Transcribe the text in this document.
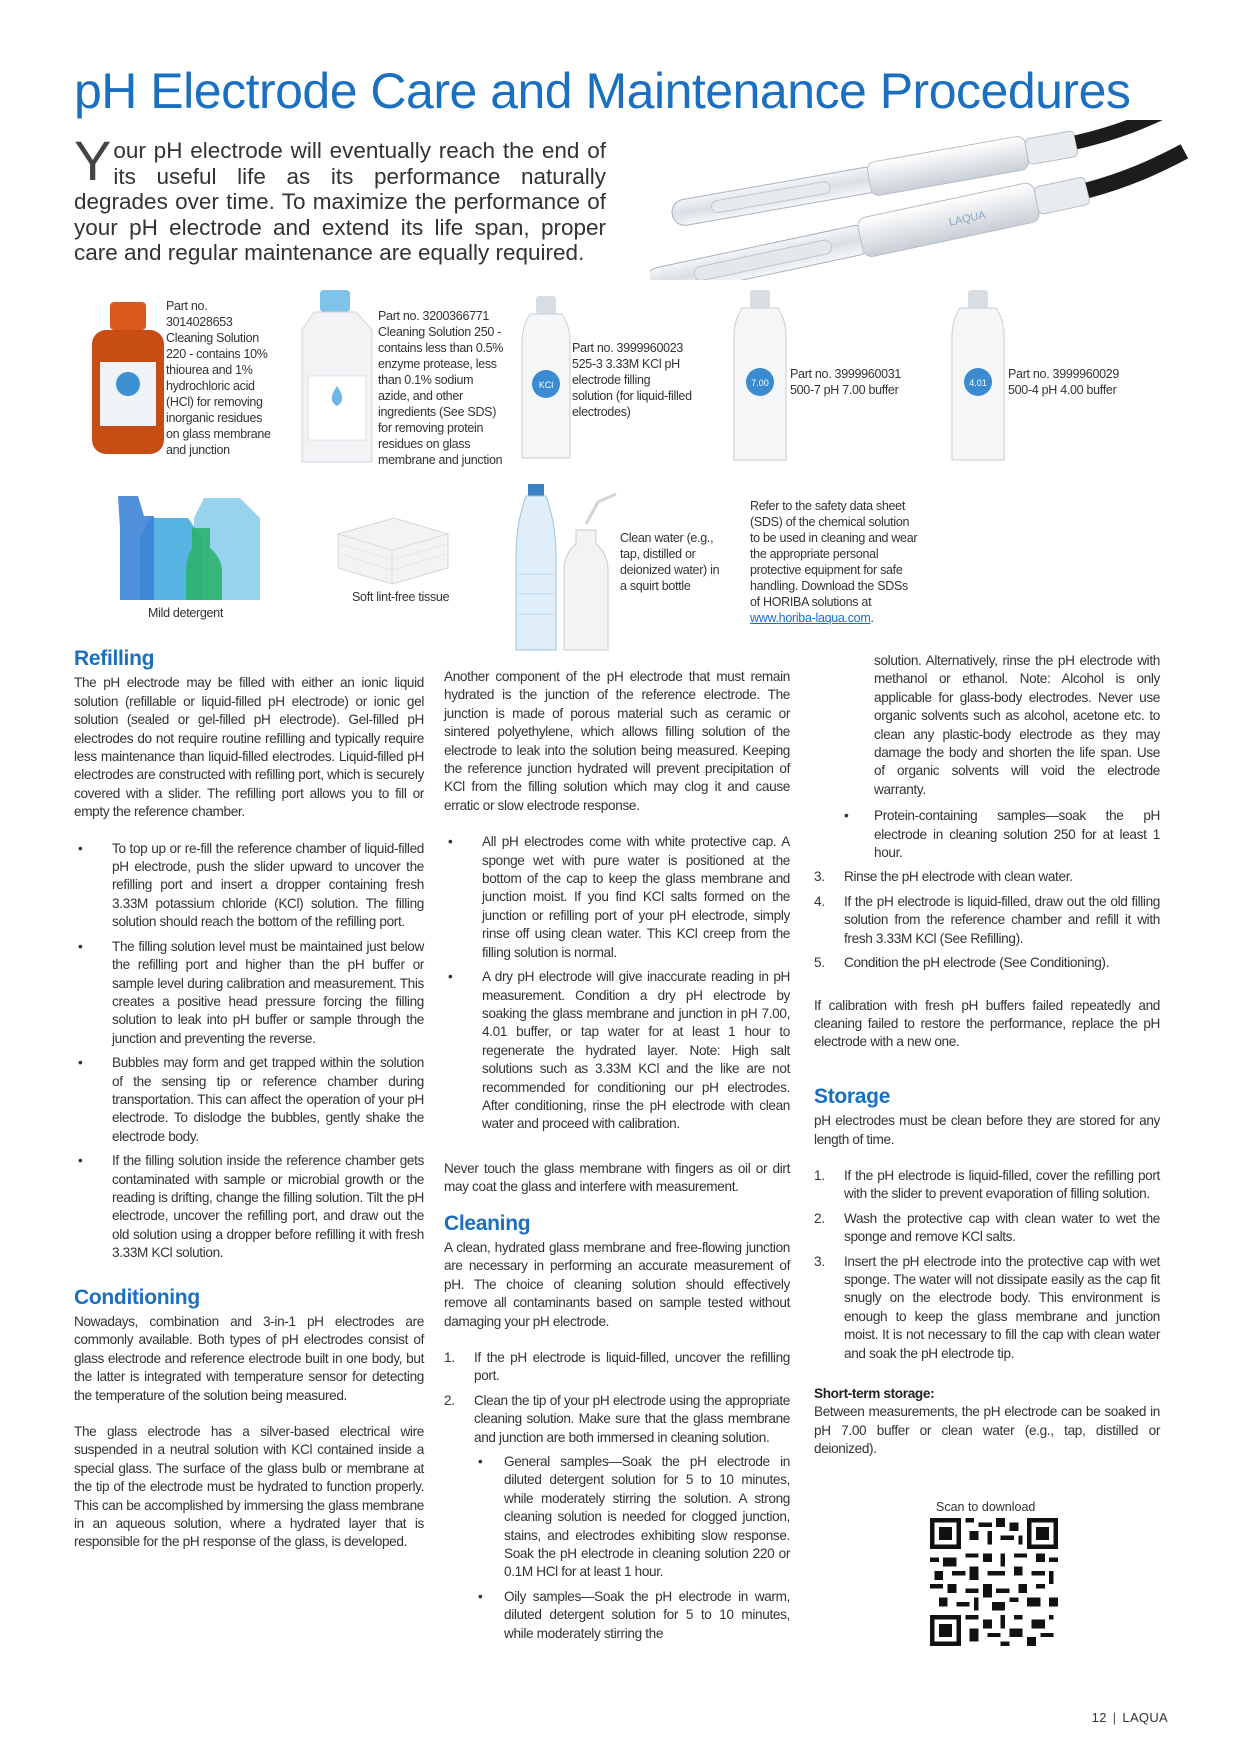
pH Electrode Care and Maintenance Procedures
Your pH electrode will eventually reach the end of its useful life as its performance naturally degrades over time. To maximize the performance of your pH electrode and extend its life span, proper care and regular maintenance are equally required.
LAQUA
Part no. 3014028653 Cleaning Solution 220 - contains 10% thiourea and 1% hydrochloric acid (HCl) for removing inorganic residues on glass membrane and junction
Part no. 3200366771 Cleaning Solution 250 - contains less than 0.5% enzyme protease, less than 0.1% sodium azide, and other ingredients (See SDS) for removing protein residues on glass membrane and junction
KCl
Part no. 3999960023 525-3 3.33M KCl pH electrode filling solution (for liquid-filled electrodes)
7.00
Part no. 3999960031 500-7 pH 7.00 buffer	4.01
Part no. 3999960029 500-4 pH 4.00 buffer
Mild detergent
Soft lint-free tissue
Clean water (e.g., tap, distilled or deionized water) in a squirt bottle
Refer to the safety data sheet (SDS) of the chemical solution to be used in cleaning and wear the appropriate personal protective equipment for safe handling. Download the SDSs of HORIBA solutions at www.horiba-laqua.com.
Refilling

The pH electrode may be filled with either an ionic liquid solution (refillable or liquid-filled pH electrode) or ionic gel solution (sealed or gel-filled pH electrode). Gel-filled pH electrodes do not require routine refilling and typically require less maintenance than liquid-filled electrodes. Liquid-filled pH electrodes are constructed with refilling port, which is securely covered with a slider. The refilling port allows you to fill or empty the reference chamber.

• To top up or re-fill the reference chamber of liquid-filled pH electrode, push the slider upward to uncover the refilling port and insert a dropper containing fresh 3.33M potassium chloride (KCl) solution. The filling solution should reach the bottom of the refilling port.
• The filling solution level must be maintained just below the refilling port and higher than the pH buffer or sample level during calibration and measurement. This creates a positive head pressure forcing the filling solution to leak into pH buffer or sample through the junction and preventing the reverse.
• Bubbles may form and get trapped within the solution of the sensing tip or reference chamber during transportation. This can affect the operation of your pH electrode. To dislodge the bubbles, gently shake the electrode body.
• If the filling solution inside the reference chamber gets contaminated with sample or microbial growth or the reading is drifting, change the filling solution. Tilt the pH electrode, uncover the refilling port, and draw out the old solution using a dropper before refilling it with fresh 3.33M KCl solution.
Conditioning

Nowadays, combination and 3-in-1 pH electrodes are commonly available. Both types of pH electrodes consist of glass electrode and reference electrode built in one body, but the latter is integrated with temperature sensor for detecting the temperature of the solution being measured.

The glass electrode has a silver-based electrical wire suspended in a neutral solution with KCl contained inside a special glass. The surface of the glass bulb or membrane at the tip of the electrode must be hydrated to function properly. This can be accomplished by immersing the glass membrane in an aqueous solution, where a hydrated layer that is responsible for the pH response of the glass, is developed.

Another component of the pH electrode that must remain hydrated is the junction of the reference electrode. The junction is made of porous material such as ceramic or sintered polyethylene, which allows filling solution of the electrode to leak into the solution being measured. Keeping the reference junction hydrated will prevent precipitation of KCl from the filling solution which may clog it and cause erratic or slow electrode response.

• All pH electrodes come with white protective cap. A sponge wet with pure water is positioned at the bottom of the cap to keep the glass membrane and junction moist. If you find KCl salts formed on the junction or refilling port of your pH electrode, simply rinse off using clean water. This KCl creep from the filling solution is normal.
• A dry pH electrode will give inaccurate reading in pH measurement. Condition a dry pH electrode by soaking the glass membrane and junction in pH 7.00, 4.01 buffer, or tap water for at least 1 hour to regenerate the hydrated layer. Note: High salt solutions such as 3.33M KCl and the like are not recommended for conditioning our pH electrodes. After conditioning, rinse the pH electrode with clean water and proceed with calibration.

Never touch the glass membrane with fingers as oil or dirt may coat the glass and interfere with measurement.

Cleaning

A clean, hydrated glass membrane and free-flowing junction are necessary in performing an accurate measurement of pH. The choice of cleaning solution should effectively remove all contaminants based on sample tested without damaging your pH electrode.

1. If the pH electrode is liquid-filled, uncover the refilling port.
2. Clean the tip of your pH electrode using the appropriate cleaning solution. Make sure that the glass membrane and junction are both immersed in cleaning solution.
• General samples—Soak the pH electrode in diluted detergent solution for 5 to 10 minutes, while moderately stirring the solution. A strong cleaning solution is needed for clogged junction, stains, and electrodes exhibiting slow response. Soak the pH electrode in cleaning solution 220 or 0.1M HCl for at least 1 hour.
• Oily samples—Soak the pH electrode in warm, diluted detergent solution for 5 to 10 minutes, while moderately stirring the
solution. Alternatively, rinse the pH electrode with methanol or ethanol. Note: Alcohol is only applicable for glass-body electrodes. Never use organic solvents such as alcohol, acetone etc. to clean any plastic-body electrode as they may damage the body and shorten the life span. Use of organic solvents will void the electrode warranty.
• Protein-containing samples—soak the pH electrode in cleaning solution 250 for at least 1 hour.
3. Rinse the pH electrode with clean water.
4. If the pH electrode is liquid-filled, draw out the old filling solution from the reference chamber and refill it with fresh 3.33M KCl (See Refilling).
5. Condition the pH electrode (See Conditioning).

If calibration with fresh pH buffers failed repeatedly and cleaning failed to restore the performance, replace the pH electrode with a new one.

Storage

pH electrodes must be clean before they are stored for any length of time.

1. If the pH electrode is liquid-filled, cover the refilling port with the slider to prevent evaporation of filling solution.
2. Wash the protective cap with clean water to wet the sponge and remove KCl salts.
3. Insert the pH electrode into the protective cap with wet sponge. The water will not dissipate easily as the cap fit snugly on the electrode body. This environment is enough to keep the glass membrane and junction moist. It is not necessary to fill the cap with clean water and soak the pH electrode tip.
Short-term storage:
Between measurements, the pH electrode can be soaked in pH 7.00 buffer or clean water (e.g., tap, distilled or deionized).
Scan to download
12 | LAQUA
